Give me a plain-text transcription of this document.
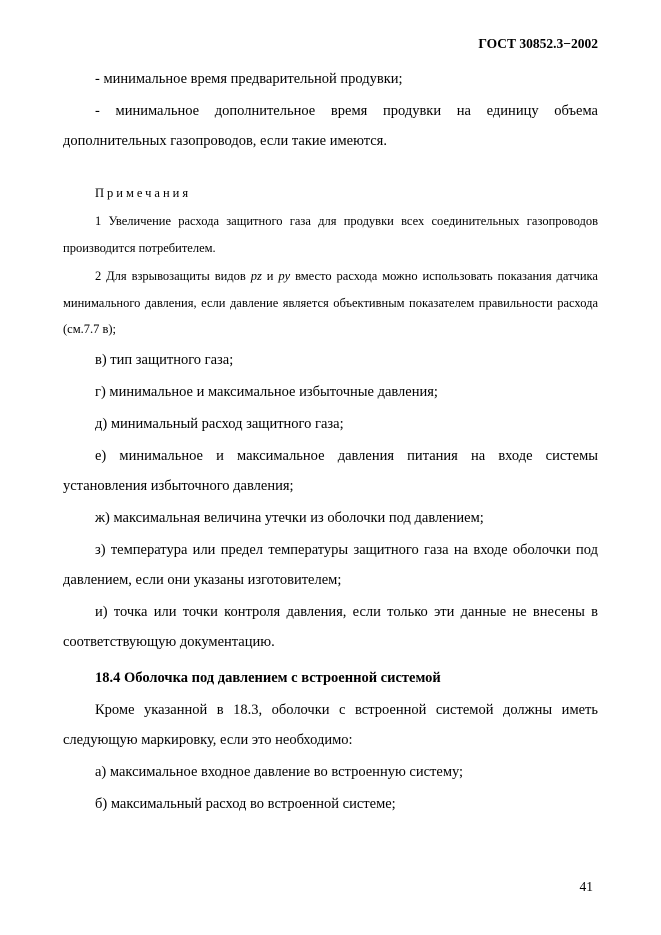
ГОСТ 30852.3−2002

- минимальное время предварительной продувки;

- минимальное дополнительное время продувки на единицу объема дополнительных газопроводов, если такие имеются.

Примечания

1 Увеличение расхода защитного газа для продувки всех соединительных газопроводов производится потребителем.

2 Для взрывозащиты видов pz и py вместо расхода можно использовать показания датчика минимального давления, если давление является объективным показателем правильности расхода (см.7.7 в);

в) тип защитного газа;

г) минимальное и максимальное избыточные давления;

д) минимальный расход защитного газа;

е) минимальное и максимальное давления питания на входе системы установления избыточного давления;

ж) максимальная величина утечки из оболочки под давлением;

з) температура или предел температуры защитного газа на входе оболочки под давлением, если они указаны изготовителем;

и) точка или точки контроля давления, если только эти данные не внесены в соответствующую документацию.

18.4 Оболочка под давлением с встроенной системой

Кроме указанной в 18.3, оболочки с встроенной системой должны иметь следующую маркировку, если это необходимо:

а) максимальное входное давление во встроенную систему;

б) максимальный расход во встроенной системе;

41
